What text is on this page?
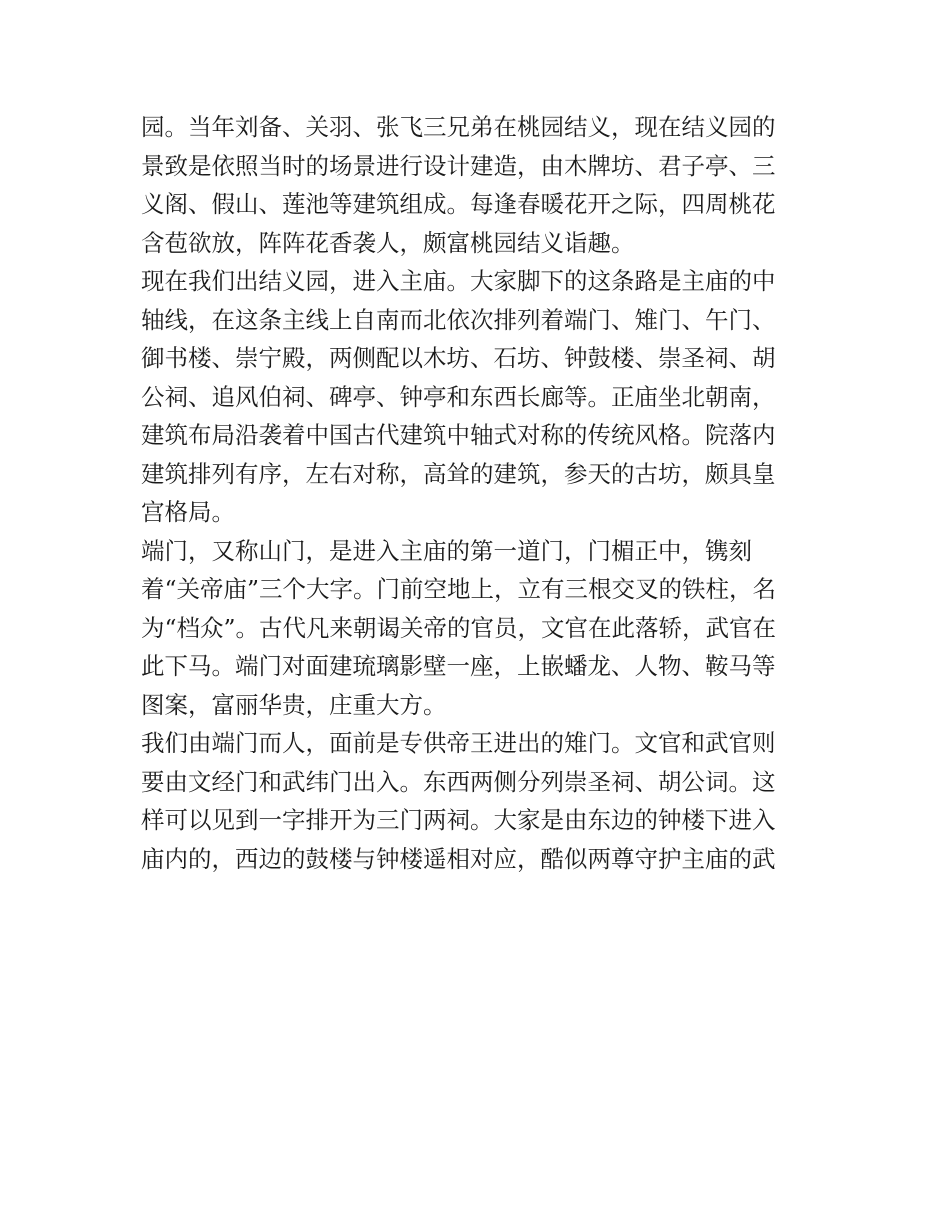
园。当年刘备、关羽、张飞三兄弟在桃园结义，现在结义园的
景致是依照当时的场景进行设计建造，由木牌坊、君子亭、三
义阁、假山、莲池等建筑组成。每逢春暖花开之际，四周桃花
含苞欲放，阵阵花香袭人，颇富桃园结义诣趣。
现在我们出结义园，进入主庙。大家脚下的这条路是主庙的中
轴线，在这条主线上自南而北依次排列着端门、雉门、午门、
御书楼、崇宁殿，两侧配以木坊、石坊、钟鼓楼、崇圣祠、胡
公祠、追风伯祠、碑亭、钟亭和东西长廊等。正庙坐北朝南，
建筑布局沿袭着中国古代建筑中轴式对称的传统风格。院落内
建筑排列有序，左右对称，高耸的建筑，参天的古坊，颇具皇
宫格局。
端门，又称山门，是进入主庙的第一道门，门楣正中，镌刻
着“关帝庙”三个大字。门前空地上，立有三根交叉的铁柱，名
为“档众”。古代凡来朝谒关帝的官员，文官在此落轿，武官在
此下马。端门对面建琉璃影壁一座，上嵌蟠龙、人物、鞍马等
图案，富丽华贵，庄重大方。
我们由端门而人，面前是专供帝王进出的雉门。文官和武官则
要由文经门和武纬门出入。东西两侧分列崇圣祠、胡公词。这
样可以见到一字排开为三门两祠。大家是由东边的钟楼下进入
庙内的，西边的鼓楼与钟楼遥相对应，酷似两尊守护主庙的武
